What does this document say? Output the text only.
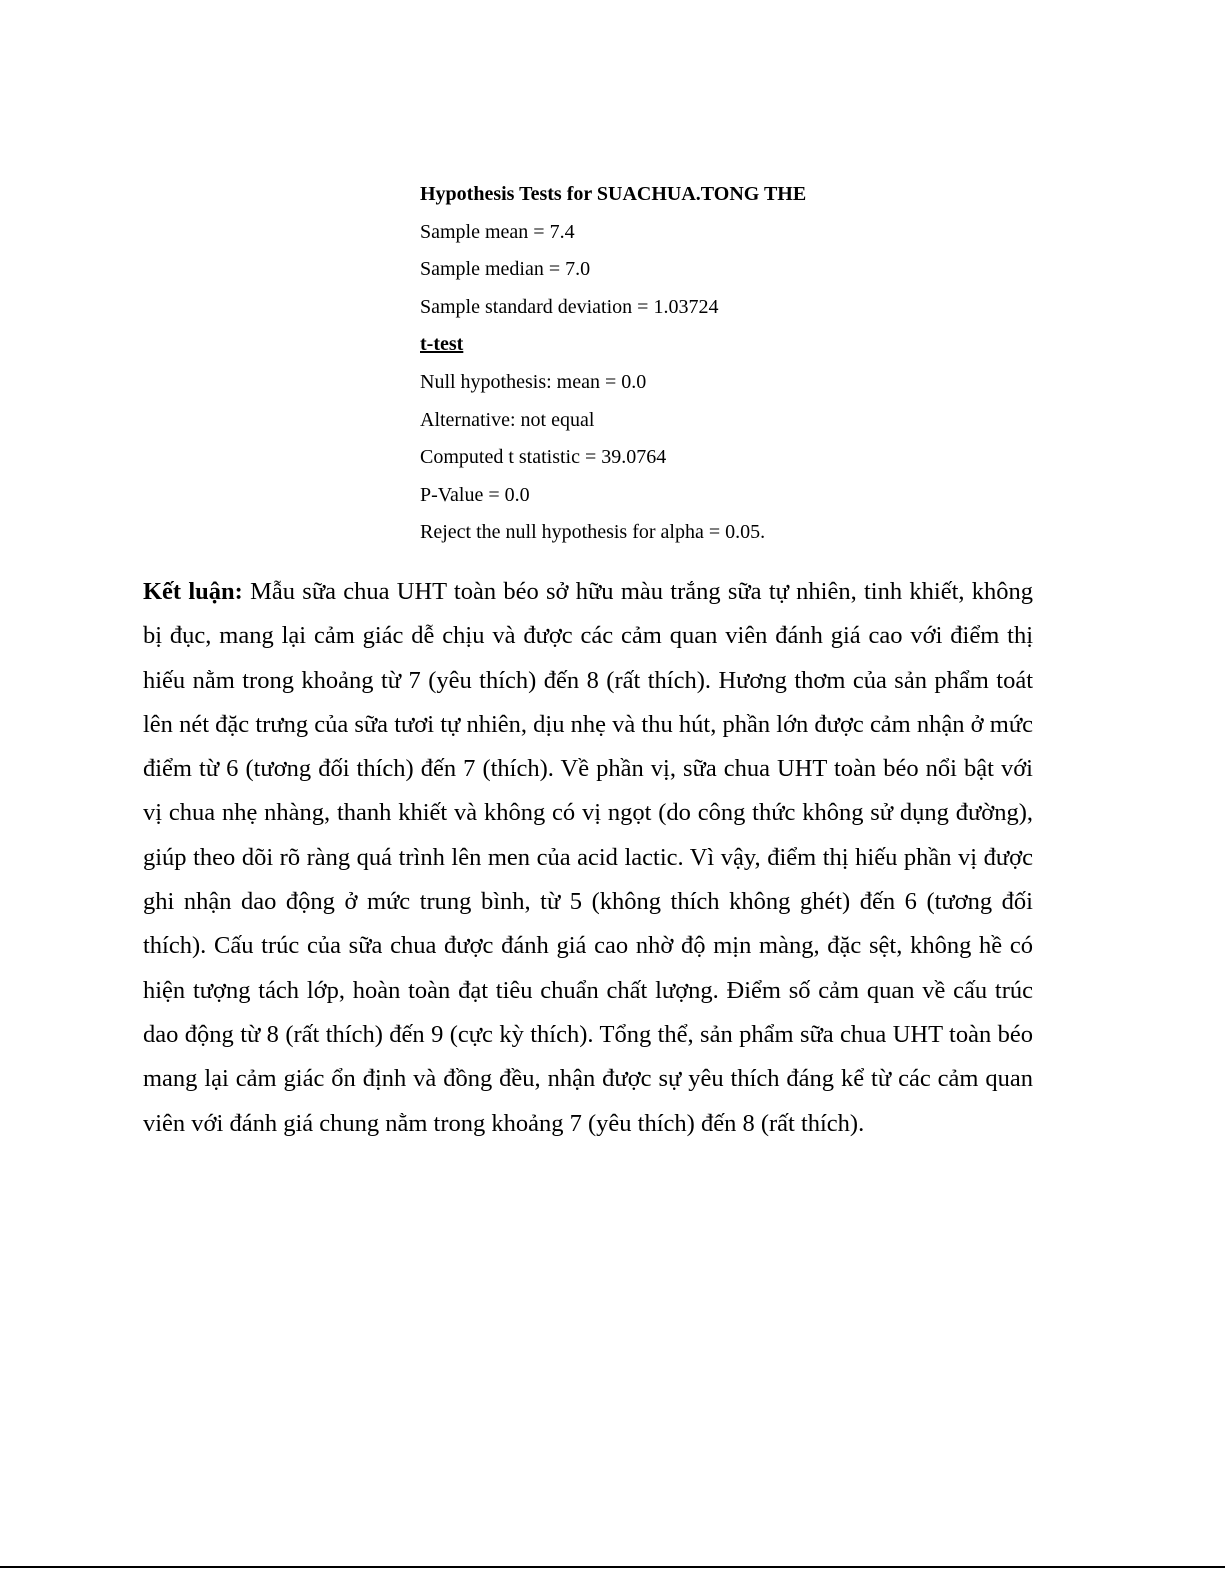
Hypothesis Tests for SUACHUA.TONG THE
Sample mean = 7.4
Sample median = 7.0
Sample standard deviation = 1.03724
t-test
Null hypothesis: mean = 0.0
Alternative: not equal
Computed t statistic = 39.0764
P-Value = 0.0
Reject the null hypothesis for alpha = 0.05.

Kết luận: Mẫu sữa chua UHT toàn béo sở hữu màu trắng sữa tự nhiên, tinh khiết, không bị đục, mang lại cảm giác dễ chịu và được các cảm quan viên đánh giá cao với điểm thị hiếu nằm trong khoảng từ 7 (yêu thích) đến 8 (rất thích). Hương thơm của sản phẩm toát lên nét đặc trưng của sữa tươi tự nhiên, dịu nhẹ và thu hút, phần lớn được cảm nhận ở mức điểm từ 6 (tương đối thích) đến 7 (thích). Về phần vị, sữa chua UHT toàn béo nổi bật với vị chua nhẹ nhàng, thanh khiết và không có vị ngọt (do công thức không sử dụng đường), giúp theo dõi rõ ràng quá trình lên men của acid lactic. Vì vậy, điểm thị hiếu phần vị được ghi nhận dao động ở mức trung bình, từ 5 (không thích không ghét) đến 6 (tương đối thích). Cấu trúc của sữa chua được đánh giá cao nhờ độ mịn màng, đặc sệt, không hề có hiện tượng tách lớp, hoàn toàn đạt tiêu chuẩn chất lượng. Điểm số cảm quan về cấu trúc dao động từ 8 (rất thích) đến 9 (cực kỳ thích). Tổng thể, sản phẩm sữa chua UHT toàn béo mang lại cảm giác ổn định và đồng đều, nhận được sự yêu thích đáng kể từ các cảm quan viên với đánh giá chung nằm trong khoảng 7 (yêu thích) đến 8 (rất thích).
